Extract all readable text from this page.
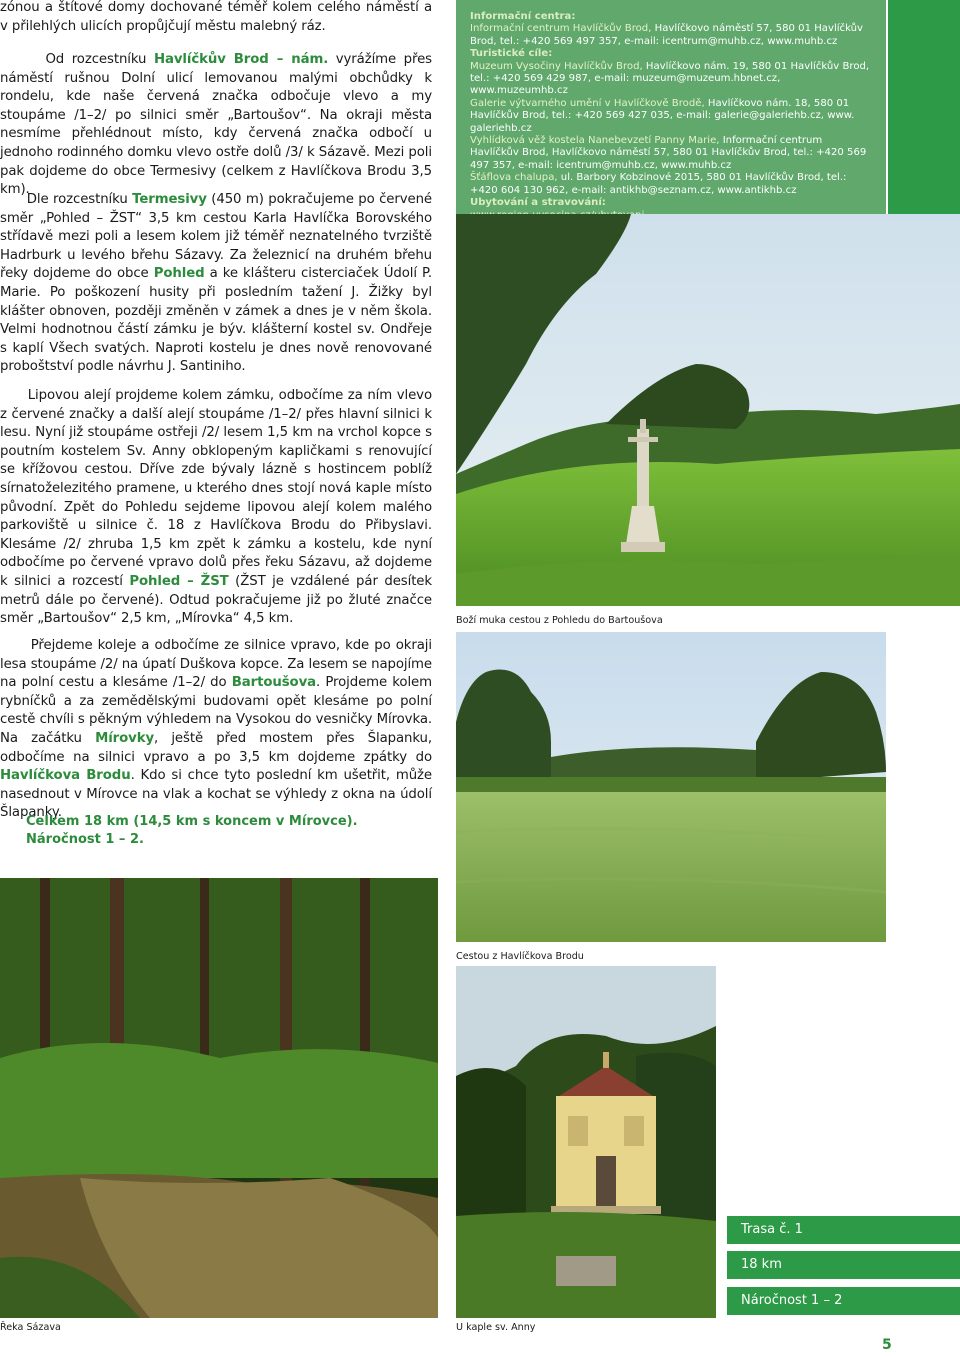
zónou a štítové domy dochované téměř kolem celého náměstí a v přilehlých ulicích propůjčují městu malebný ráz.

Od rozcestníku Havlíčkův Brod – nám. vyrážíme přes náměstí rušnou Dolní ulicí lemovanou malými obchůdky k rondelu, kde naše červená značka odbočuje vlevo a my stoupáme /1–2/ po silnici směr „Bartoušov“. Na okraji města nesmíme přehlédnout místo, kdy červená značka odbočí u jednoho rodinného domku vlevo ostře dolů /3/ k Sázavě. Mezi poli pak dojdeme do obce Termesivy (celkem z Havlíčkova Brodu 3,5 km).

Dle rozcestníku Termesivy (450 m) pokračujeme po červené směr „Pohled – ŽST“ 3,5 km cestou Karla Havlíčka Borovského střídavě mezi poli a lesem kolem již téměř neznatelného tvrziště Hadrburk u levého břehu Sázavy. Za železnicí na druhém břehu řeky dojdeme do obce Pohled a ke klášteru cisterciaček Údolí P. Marie. Po poškození husity při posledním tažení J. Žižky byl klášter obnoven, později změněn v zámek a dnes je v něm škola. Velmi hodnotnou částí zámku je býv. klášterní kostel sv. Ondřeje s kaplí Všech svatých. Naproti kostelu je dnes nově renovované proboštství podle návrhu J. Santiniho.

Lipovou alejí projdeme kolem zámku, odbočíme za ním vlevo z červené značky a další alejí stoupáme /1–2/ přes hlavní silnici k lesu. Nyní již stoupáme ostřeji /2/ lesem 1,5 km na vrchol kopce s poutním kostelem Sv. Anny obklopeným kapličkami s renovující se křížovou cestou. Dříve zde bývaly lázně s hostincem poblíž sírnatoželezitého pramene, u kterého dnes stojí nová kaple místo původní. Zpět do Pohledu sejdeme lipovou alejí kolem malého parkoviště u silnice č. 18 z Havlíčkova Brodu do Přibyslavi. Klesáme /2/ zhruba 1,5 km zpět k zámku a kostelu, kde nyní odbočíme po červené vpravo dolů přes řeku Sázavu, až dojdeme k silnici a rozcestí Pohled – ŽST (ŽST je vzdálené pár desítek metrů dále po červené). Odtud pokračujeme již po žluté značce směr „Bartoušov“ 2,5 km, „Mírovka“ 4,5 km.

Přejdeme koleje a odbočíme ze silnice vpravo, kde po okraji lesa stoupáme /2/ na úpatí Duškova kopce. Za lesem se napojíme na polní cestu a klesáme /1–2/ do Bartoušova. Projdeme kolem rybníčků a za zemědělskými budovami opět klesáme po polní cestě chvíli s pěkným výhledem na Vysokou do vesničky Mírovka. Na začátku Mírovky, ještě před mostem přes Šlapanku, odbočíme na silnici vpravo a po 3,5 km dojdeme zpátky do Havlíčkova Brodu. Kdo si chce tyto poslední km ušetřit, může nasednout v Mírovce na vlak a kochat se výhledy z okna na údolí Šlapanky.

Celkem 18 km (14,5 km s koncem v Mírovce).
Náročnost 1 – 2.
Informační centra:
Informační centrum Havlíčkův Brod, Havlíčkovo náměstí 57, 580 01 Havlíčkův Brod, tel.: +420 569 497 357, e-mail: icentrum@muhb.cz, www.muhb.cz
Turistické cíle:
Muzeum Vysočiny Havlíčkův Brod, Havlíčkovo nám. 19, 580 01 Havlíčkův Brod, tel.: +420 569 429 987, e-mail: muzeum@muzeum.hbnet.cz, www.muzeumhb.cz
Galerie výtvarného umění v Havlíčkově Brodě, Havlíčkovo nám. 18, 580 01 Havlíčkův Brod, tel.: +420 569 427 035, e-mail: galerie@galeriehb.cz, www. galeriehb.cz
Vyhlídková věž kostela Nanebevzetí Panny Marie, Informační centrum Havlíčkův Brod, Havlíčkovo náměstí 57, 580 01 Havlíčkův Brod, tel.: +420 569 497 357, e-mail: icentrum@muhb.cz, www.muhb.cz
Šťáflova chalupa, ul. Barbory Kobzinové 2015, 580 01 Havlíčkův Brod, tel.: +420 604 130 962, e-mail: antikhb@seznam.cz, www.antikhb.cz
Ubytování a stravování:
Boží muka cestou z Pohledu do Bartoušova
Cestou z Havlíčkova Brodu
Řeka Sázava	U kaple sv. Anny
Trasa č. 1
18 km
Náročnost 1 – 2
5
